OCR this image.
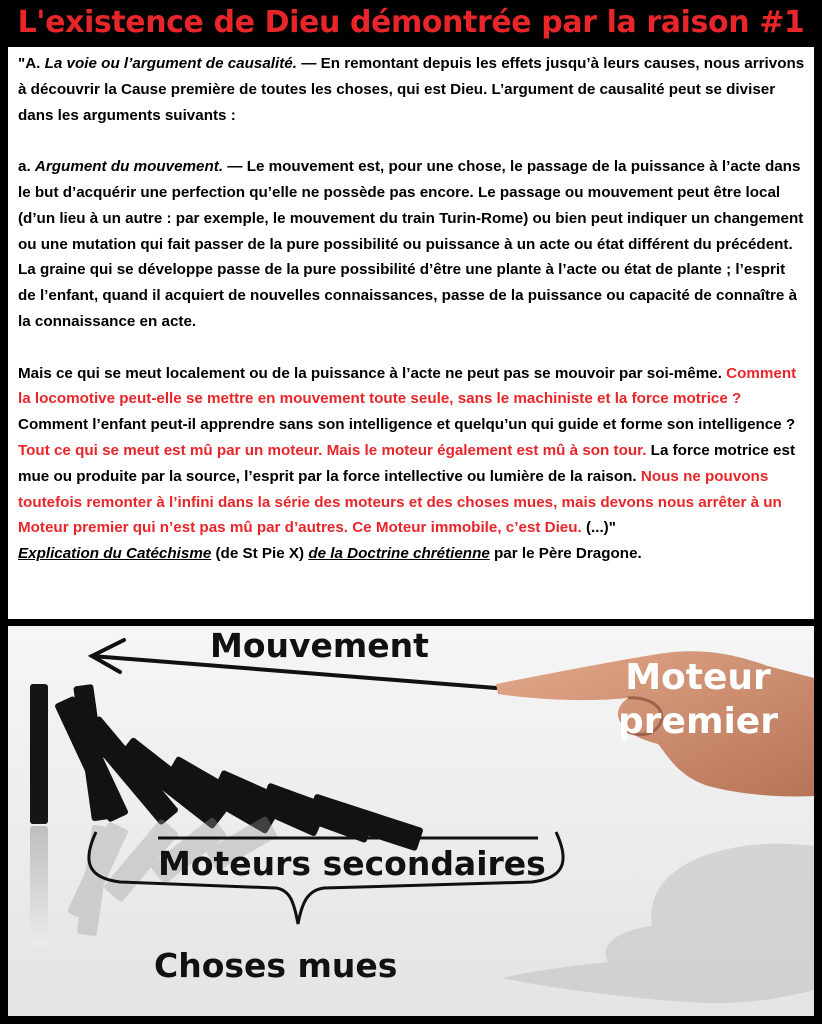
L'existence de Dieu démontrée par la raison #1

"A. La voie ou l’argument de causalité. — En remontant depuis les effets jusqu’à leurs causes, nous arrivons à découvrir la Cause première de toutes les choses, qui est Dieu. L’argument de causalité peut se diviser dans les arguments suivants :

a. Argument du mouvement. — Le mouvement est, pour une chose, le passage de la puissance à l’acte dans le but d’acquérir une perfection qu’elle ne possède pas encore. Le passage ou mouvement peut être local (d’un lieu à un autre : par exemple, le mouvement du train Turin-Rome) ou bien peut indiquer un changement ou une mutation qui fait passer de la pure possibilité ou puissance à un acte ou état différent du précédent. La graine qui se développe passe de la pure possibilité d’être une plante à l’acte ou état de plante ; l’esprit de l’enfant, quand il acquiert de nouvelles connaissances, passe de la puissance ou capacité de connaître à la connaissance en acte.

Mais ce qui se meut localement ou de la puissance à l’acte ne peut pas se mouvoir par soi-même. Comment la locomotive peut-elle se mettre en mouvement toute seule, sans le machiniste et la force motrice ? Comment l’enfant peut-il apprendre sans son intelligence et quelqu’un qui guide et forme son intelligence ? Tout ce qui se meut est mû par un moteur. Mais le moteur également est mû à son tour. La force motrice est mue ou produite par la source, l’esprit par la force intellective ou lumière de la raison. Nous ne pouvons toutefois remonter à l’infini dans la série des moteurs et des choses mues, mais devons nous arrêter à un Moteur premier qui n’est pas mû par d’autres. Ce Moteur immobile, c’est Dieu. (...)"

Explication du Catéchisme (de St Pie X) de la Doctrine chrétienne par le Père Dragone.

Mouvement
Moteur
premier
Moteurs secondaires
Choses mues
